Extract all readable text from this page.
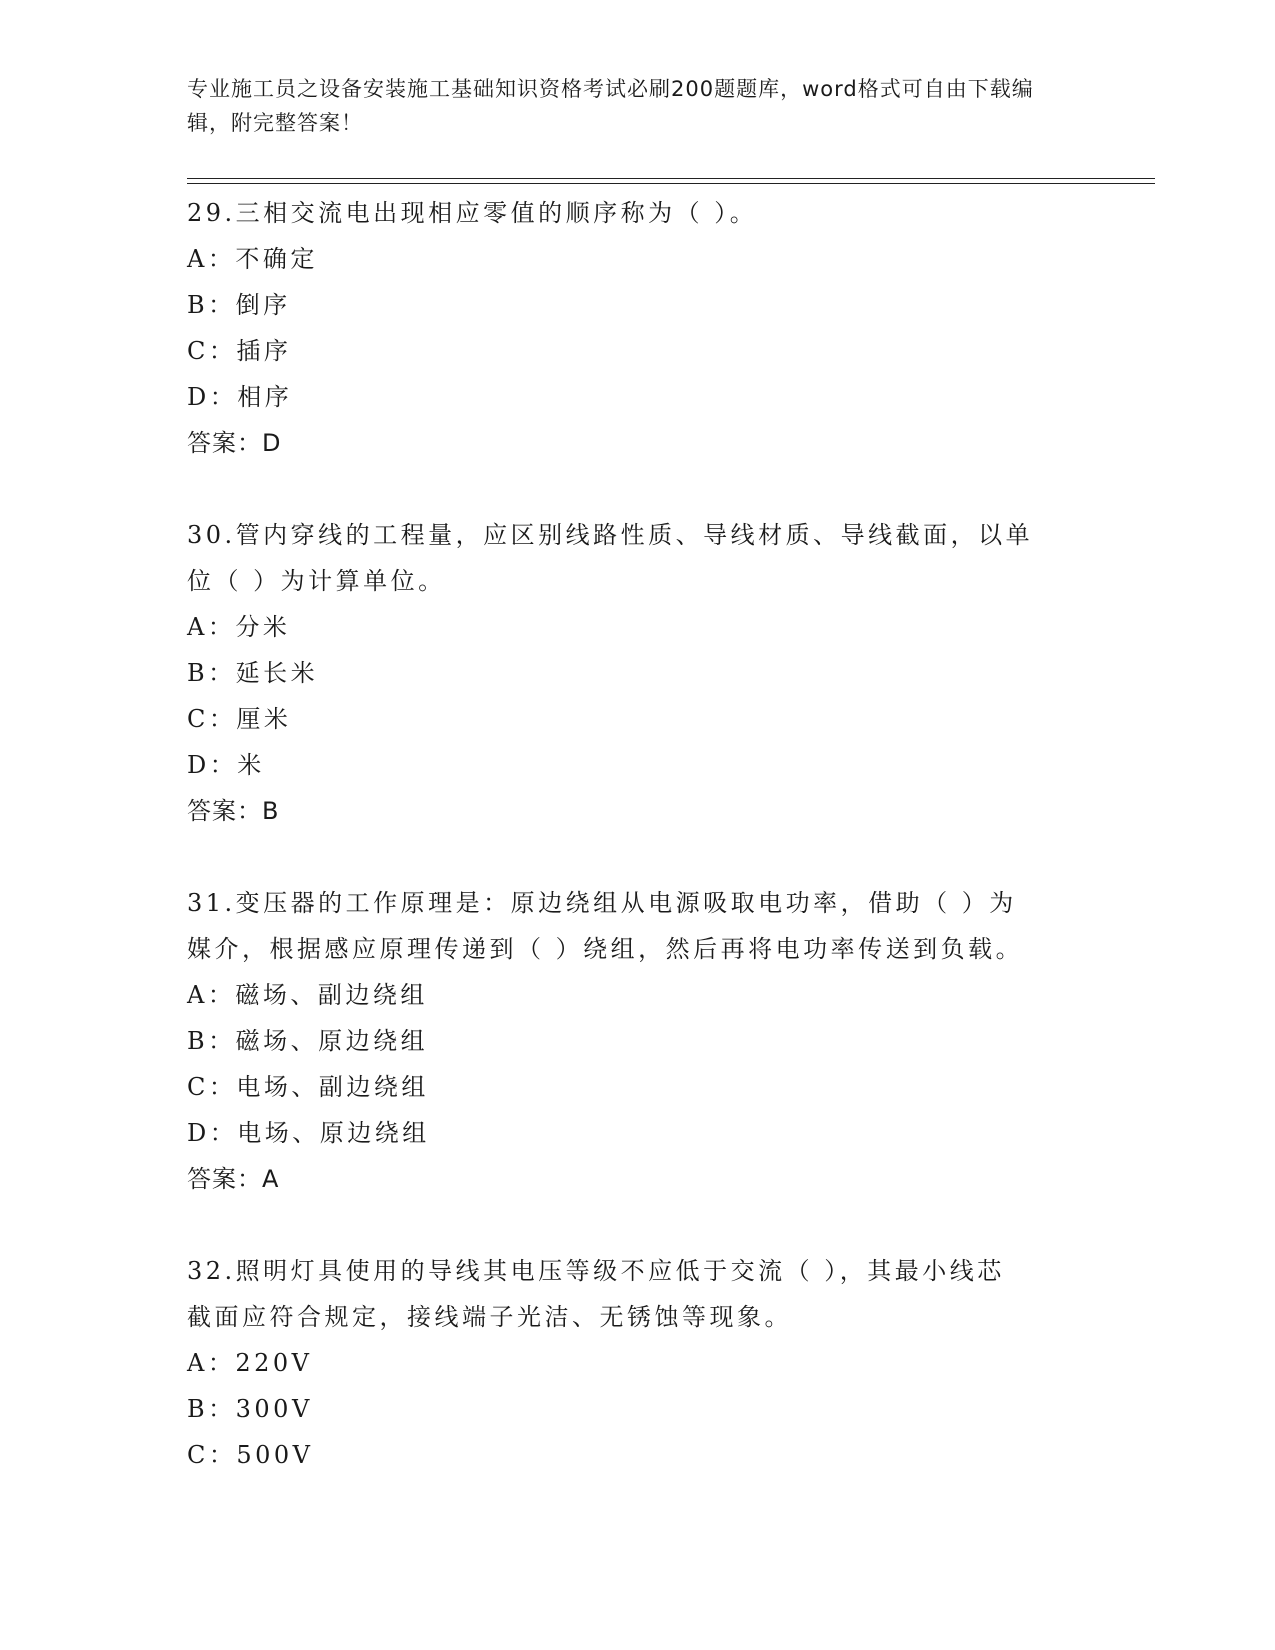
专业施工员之设备安装施工基础知识资格考试必刷200题题库，word格式可自由下载编辑，附完整答案！
29.三相交流电出现相应零值的顺序称为（ ）。
A：不确定
B：倒序
C：插序
D：相序
答案：D
30.管内穿线的工程量，应区别线路性质、导线材质、导线截面，以单
位（ ）为计算单位。
A：分米
B：延长米
C：厘米
D：米
答案：B
31.变压器的工作原理是：原边绕组从电源吸取电功率，借助（ ）为
媒介，根据感应原理传递到（ ）绕组，然后再将电功率传送到负载。
A：磁场、副边绕组
B：磁场、原边绕组
C：电场、副边绕组
D：电场、原边绕组
答案：A
32.照明灯具使用的导线其电压等级不应低于交流（ ），其最小线芯
截面应符合规定，接线端子光洁、无锈蚀等现象。
A：220V
B：300V
C：500V
